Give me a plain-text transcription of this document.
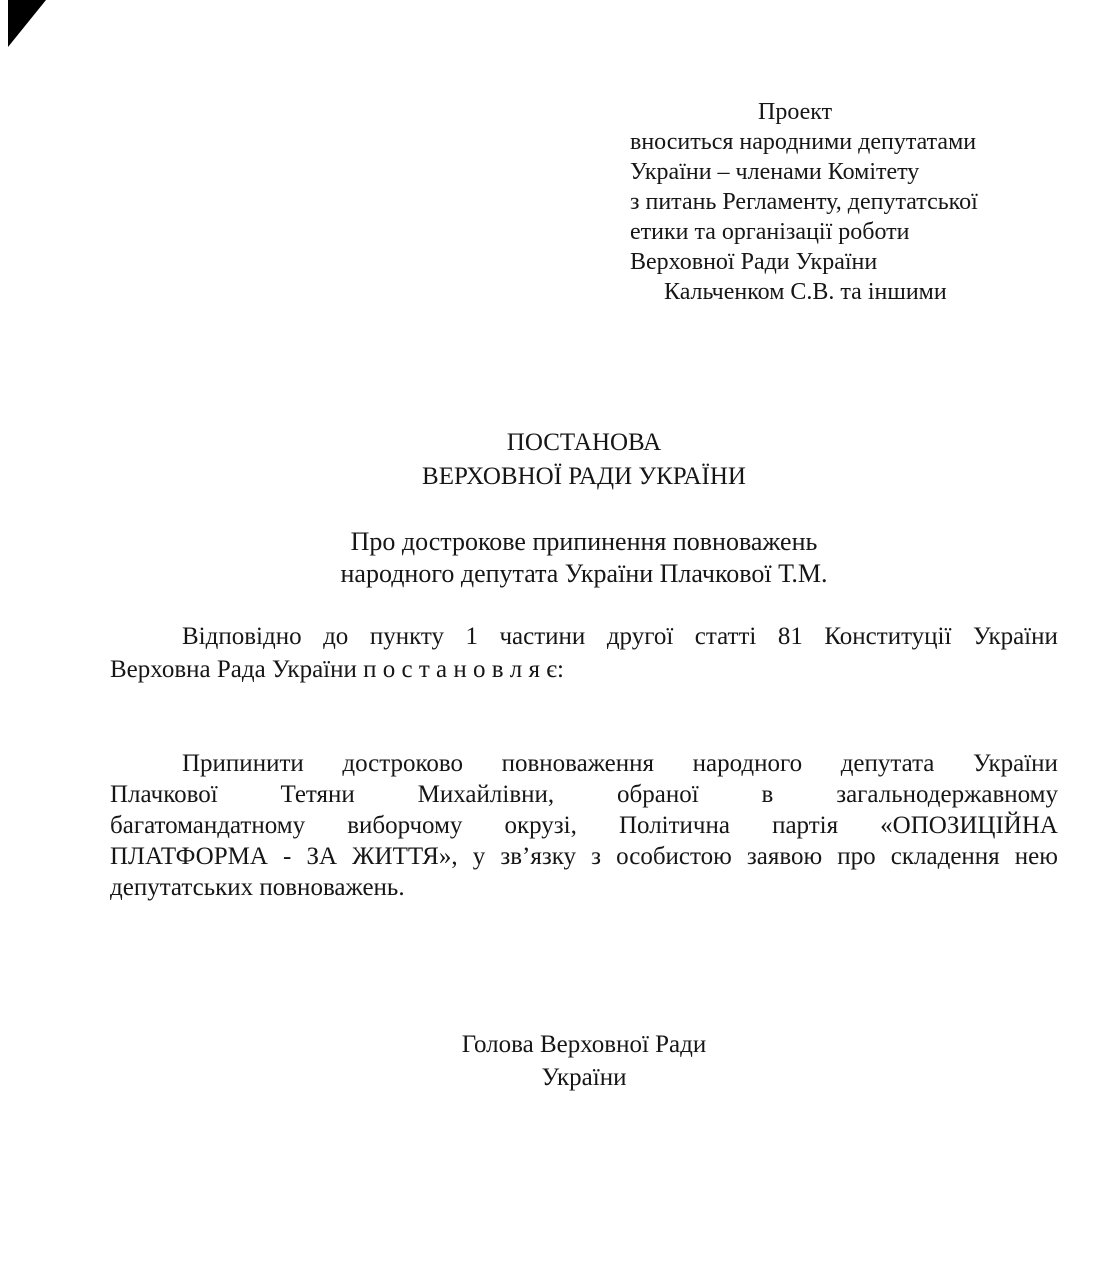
Проект
вноситься народними депутатами
України – членами Комітету
з питань Регламенту, депутатської
етики та організації роботи
Верховної Ради України
Кальченком С.В. та іншими
ПОСТАНОВА
ВЕРХОВНОЇ РАДИ УКРАЇНИ
Про дострокове припинення повноважень
народного депутата України Плачкової Т.М.
Відповідно до пункту 1 частини другої статті 81 Конституції України
Верховна Рада України п о с т а н о в л я є:
Припинити достроково повноваження народного депутата України
Плачкової	Тетяни	Михайлівни,	обраної	в	загальнодержавному
багатомандатному виборчому окрузі, Політична партія «ОПОЗИЦІЙНА
ПЛАТФОРМА - ЗА ЖИТТЯ», у зв’язку з особистою заявою про складення нею
депутатських повноважень.
Голова Верховної Ради
України
